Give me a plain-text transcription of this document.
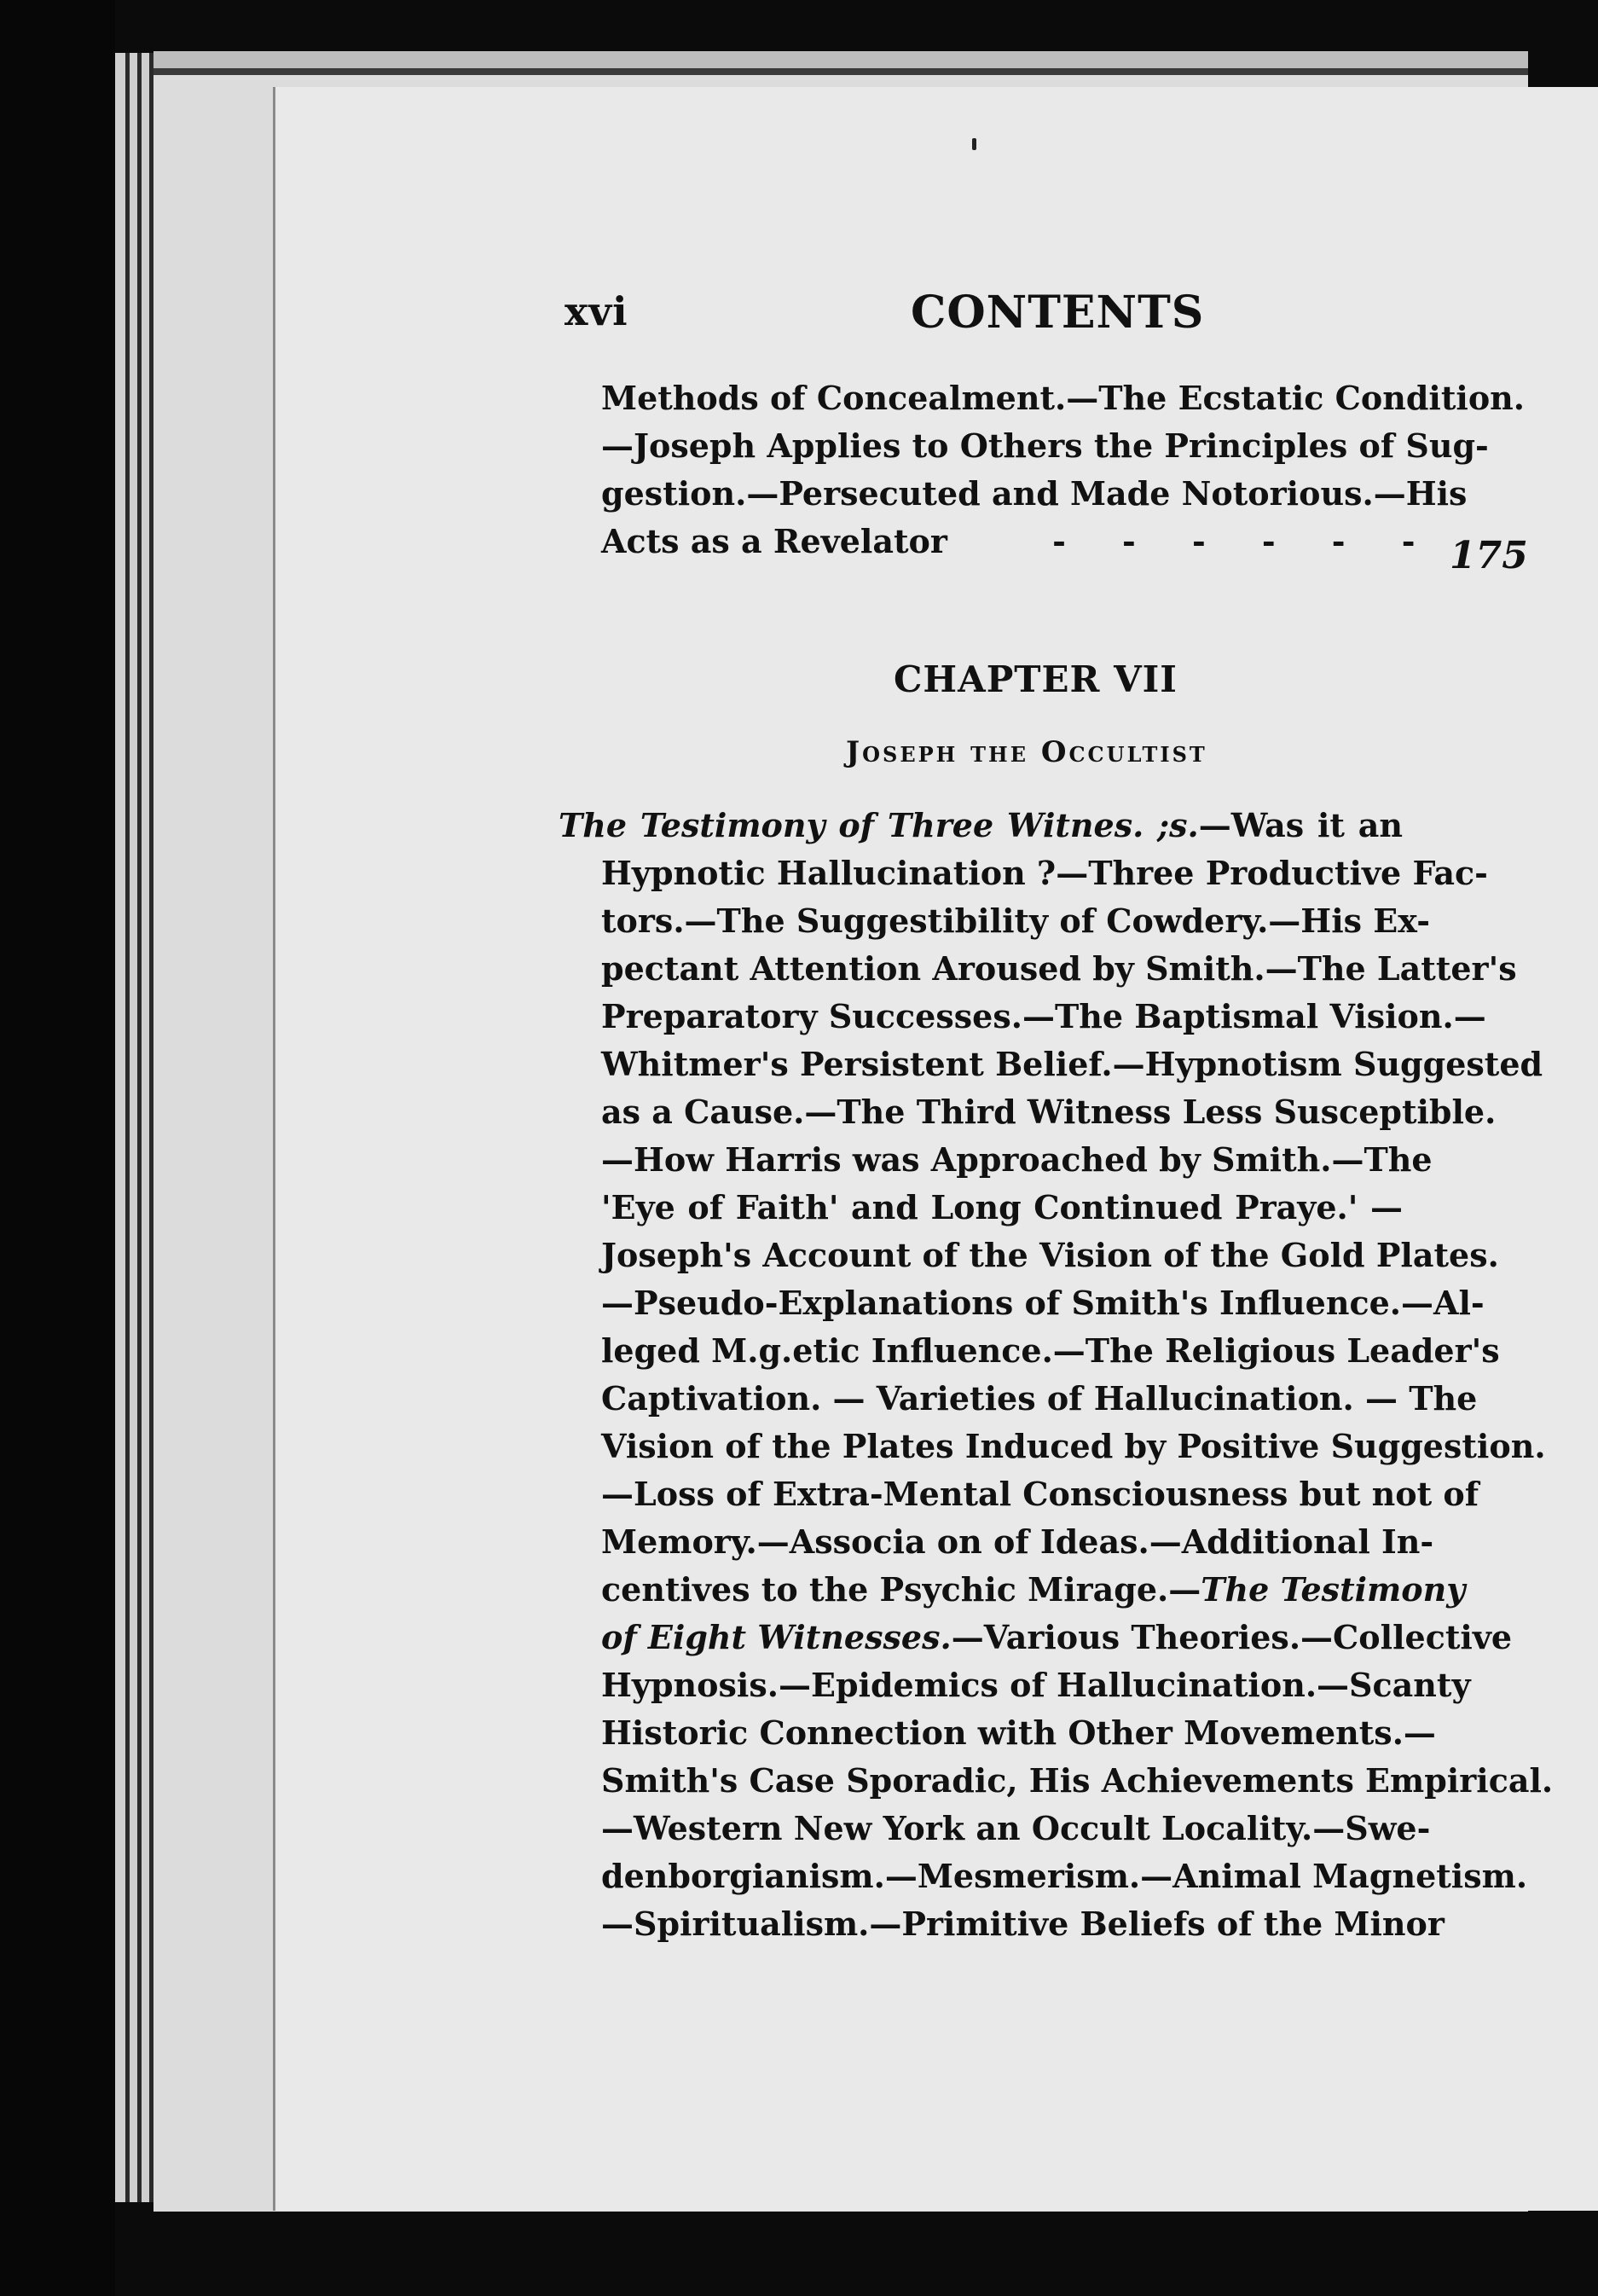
xvi	CONTENTS
Methods of Concealment.—The Ecstatic Condition.
—Joseph Applies to Others the Principles of Sug-
gestion.—Persecuted and Made Notorious.—His
Acts as a Revelator	-     -     -     -     -     - 175
CHAPTER VII
Joseph the Occultist
The Testimony of Three Witnes. ;s.—Was it an
Hypnotic Hallucination ?—Three Productive Fac-
tors.—The Suggestibility of Cowdery.—His Ex-
pectant Attention Aroused by Smith.—The Latter's
Preparatory Successes.—The Baptismal Vision.—
Whitmer's Persistent Belief.—Hypnotism Suggested
as a Cause.—The Third Witness Less Susceptible.
—How Harris was Approached by Smith.—The
'Eye of Faith' and Long Continued Praye.' —
Joseph's Account of the Vision of the Gold Plates.
—Pseudo-Explanations of Smith's Influence.—Al-
leged M.g.etic Influence.—The Religious Leader's
Captivation. — Varieties of Hallucination. — The
Vision of the Plates Induced by Positive Suggestion.
—Loss of Extra-Mental Consciousness but not of
Memory.—Associa on of Ideas.—Additional In-
centives to the Psychic Mirage.—The Testimony
of Eight Witnesses.—Various Theories.—Collective
Hypnosis.—Epidemics of Hallucination.—Scanty
Historic Connection with Other Movements.—
Smith's Case Sporadic, His Achievements Empirical.
—Western New York an Occult Locality.—Swe-
denborgianism.—Mesmerism.—Animal Magnetism.
—Spiritualism.—Primitive Beliefs of the Minor
